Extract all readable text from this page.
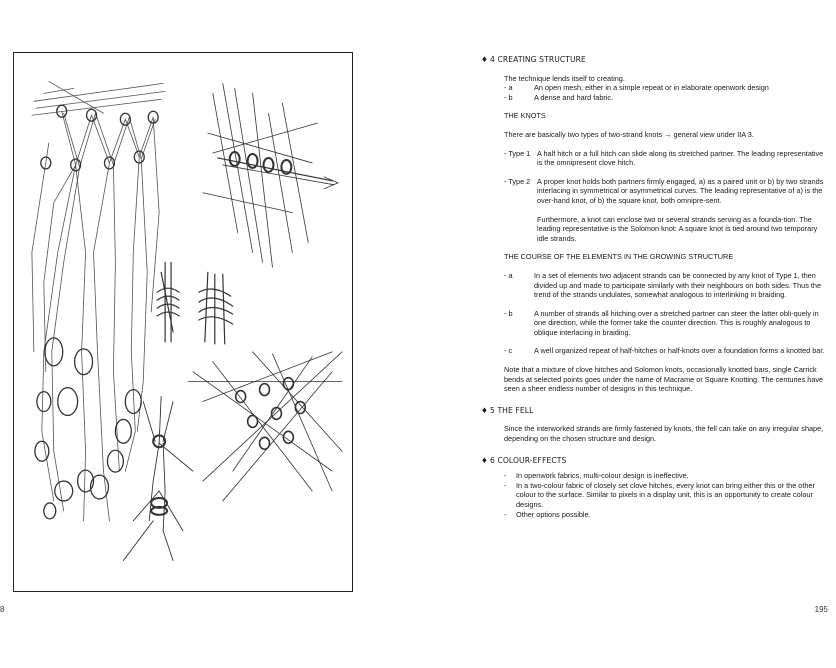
8	195
♦ 4 CREATING STRUCTURE

The technique lends itself to creating.

- a	An open mesh, either in a simple repeat or in elaborate openwork design
- b	A dense and hard fabric.

THE KNOTS

There are basically two types of two-strand knots → general view under IIA 3.

- Type 1 A half hitch or a full hitch can slide along its stretched partner. The leading representative is the omnipresent clove hitch.
- Type 2 A proper knot holds both partners firmly engaged, a) as a paired unit or b) by two strands interlacing in symmetrical or asymmetrical curves. The leading representative of a) is the over-hand knot, of b) the square knot, both omnipre-sent.

Furthermore, a knot can enclose two or several strands serving as a founda-tion. The leading representative is the Solomon knot: A square knot is tied around two temporary idle strands.

THE COURSE OF THE ELEMENTS IN THE GROWING STRUCTURE

- a	In a set of elements two adjacent strands can be connected by any knot of Type 1, then divided up and made to participate similarly with their neighbours on both sides. Thus the trend of the strands undulates, somewhat analogous to interlinking in braiding.
- b	A number of strands all hitching over a stretched partner can steer the latter obli-quely in one direction, while the former take the counter direction. This is roughly analogous to oblique interlacing in braiding.
- c	A well organized repeat of half-hitches or half-knots over a foundation forms a knotted bar.

Note that a mixture of clove hitches and Solomon knots, occasionally knotted bars, single Carrick bends at selected points goes under the name of Macrame or Square Knotting. The centuries have seen a sheer endless number of designs in this technique.

♦ 5 THE FELL

Since the interworked strands are firmly fastened by knots, the fell can take on any irregular shape, depending on the chosen structure and design.

♦ 6 COLOUR-EFFECTS
-	In openwork fabrics, multi-colour design is ineffective.
-	In a two-colour fabric of closely set clove hitches, every knot can bring either this or the other colour to the surface. Similar to pixels in a display unit, this is an opportunity to create colour designs.
-	Other options possible.
